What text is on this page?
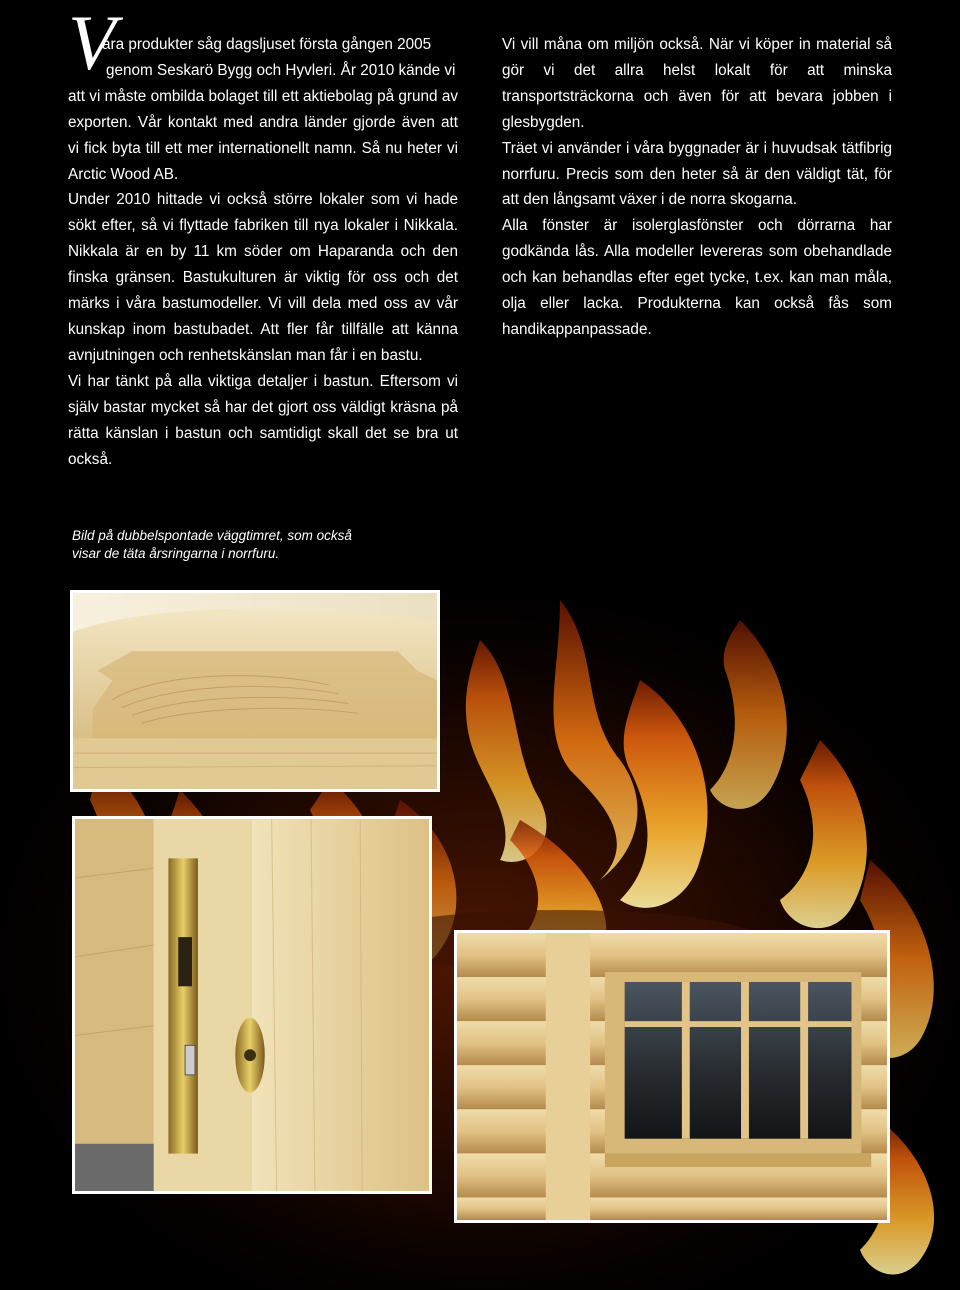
V

åra produkter såg dagsljuset första gången 2005
genom Seskarö Bygg och Hyvleri. År 2010 kände vi
att vi måste ombilda bolaget till ett aktiebolag på grund av exporten. Vår kontakt med andra länder gjorde även att vi fick byta till ett mer internationellt namn. Så nu heter vi Arctic Wood AB.

Under 2010 hittade vi också större lokaler som vi hade sökt efter, så vi flyttade fabriken till nya lokaler i Nikkala. Nikkala är en by 11 km söder om Haparanda och den finska gränsen. Bastukulturen är viktig för oss och det märks i våra bastumodeller. Vi vill dela med oss av vår kunskap inom bastubadet. Att fler får tillfälle att känna avnjutningen och renhetskänslan man får i en bastu.

Vi har tänkt på alla viktiga detaljer i bastun. Eftersom vi själv bastar mycket så har det gjort oss väldigt kräsna på rätta känslan i bastun och samtidigt skall det se bra ut också.

Vi vill måna om miljön också. När vi köper in material så gör vi det allra helst lokalt för att minska transportsträckorna och även för att bevara jobben i glesbygden.

Träet vi använder i våra byggnader är i huvudsak tätfibrig norrfuru. Precis som den heter så är den väldigt tät, för att den långsamt växer i de norra skogarna.

Alla fönster är isolerglasfönster och dörrarna har godkända lås. Alla modeller levereras som obehandlade och kan behandlas efter eget tycke, t.ex. kan man måla, olja eller lacka. Produkterna kan också fås som handikappanpassade.

Bild på dubbelspontade väggtimret, som också
visar de täta årsringarna i norrfuru.
